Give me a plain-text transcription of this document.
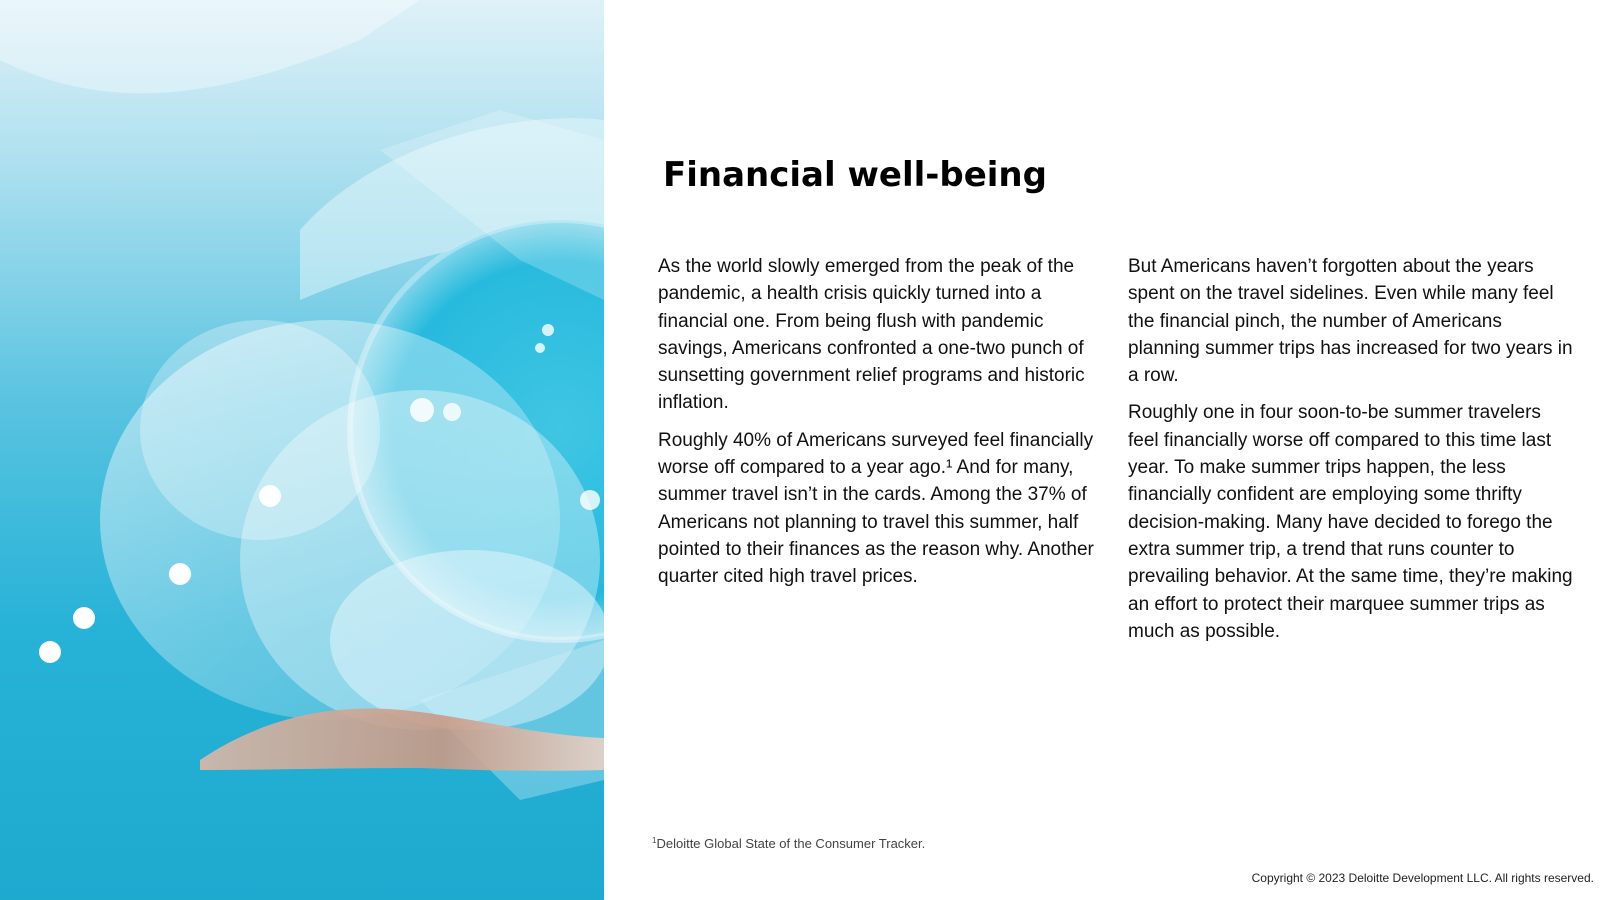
Financial well-being

As the world slowly emerged from the peak of the pandemic, a health crisis quickly turned into a financial one. From being flush with pandemic savings, Americans confronted a one-two punch of sunsetting government relief programs and historic inflation.

Roughly 40% of Americans surveyed feel financially worse off compared to a year ago.¹ And for many, summer travel isn’t in the cards. Among the 37% of Americans not planning to travel this summer, half pointed to their finances as the reason why. Another quarter cited high travel prices.

But Americans haven’t forgotten about the years spent on the travel sidelines. Even while many feel the financial pinch, the number of Americans planning summer trips has increased for two years in a row.

Roughly one in four soon-to-be summer travelers feel financially worse off compared to this time last year. To make summer trips happen, the less financially confident are employing some thrifty decision-making. Many have decided to forego the extra summer trip, a trend that runs counter to prevailing behavior. At the same time, they’re making an effort to protect their marquee summer trips as much as possible.

$^1$Deloitte Global State of the Consumer Tracker.
Copyright © 2023 Deloitte Development LLC. All rights reserved.
